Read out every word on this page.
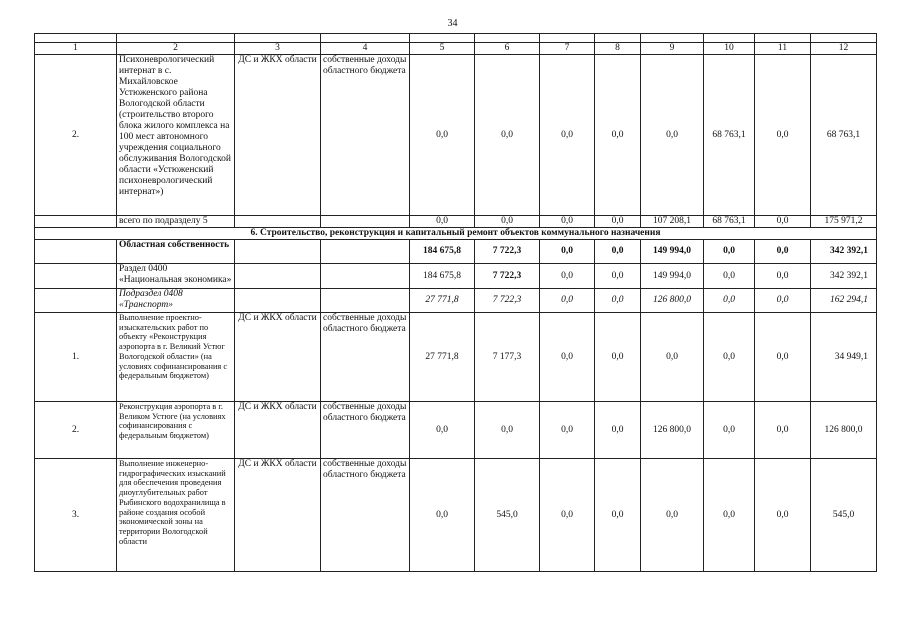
34

1	2	3	4	5	6	7	8	9	10	11	12
2.	Психоневрологический интернат в с. Михайловское Устюженского района Вологодской области (строительство второго блока жилого комплекса на 100 мест автономного учреждения социального обслуживания Вологодской области «Устюженский психоневрологический интернат»)	ДС и ЖКХ области	собственные доходы областного бюджета	0,0	0,0	0,0	0,0	0,0	68 763,1	0,0	68 763,1
	всего по подразделу 5			0,0	0,0	0,0	0,0	107 208,1	68 763,1	0,0	175 971,2
6. Строительство, реконструкция и капитальный ремонт объектов коммунального назначения											
	Областная собственность			184 675,8	7 722,3	0,0	0,0	149 994,0	0,0	0,0	342 392,1
	Раздел 0400 «Национальная экономика»			184 675,8	7 722,3	0,0	0,0	149 994,0	0,0	0,0	342 392,1
	Подраздел 0408 «Транспорт»			27 771,8	7 722,3	0,0	0,0	126 800,0	0,0	0,0	162 294,1
1.	Выполнение проектно-изыскательских работ по объекту «Реконструкция аэропорта в г. Великий Устюг Вологодской области» (на условиях софинансирования с федеральным бюджетом)	ДС и ЖКХ области	собственные доходы областного бюджета	27 771,8	7 177,3	0,0	0,0	0,0	0,0	0,0	34 949,1
2.	Реконструкция аэропорта в г. Великом Устюге (на условиях софинансирования с федеральным бюджетом)	ДС и ЖКХ области	собственные доходы областного бюджета	0,0	0,0	0,0	0,0	126 800,0	0,0	0,0	126 800,0
3.	Выполнение инженерно-гидрографических изысканий для обеспечения проведения дноуглубительных работ Рыбинского водохранилища в районе создания особой экономической зоны на территории Вологодской области	ДС и ЖКХ области	собственные доходы областного бюджета	0,0	545,0	0,0	0,0	0,0	0,0	0,0	545,0
